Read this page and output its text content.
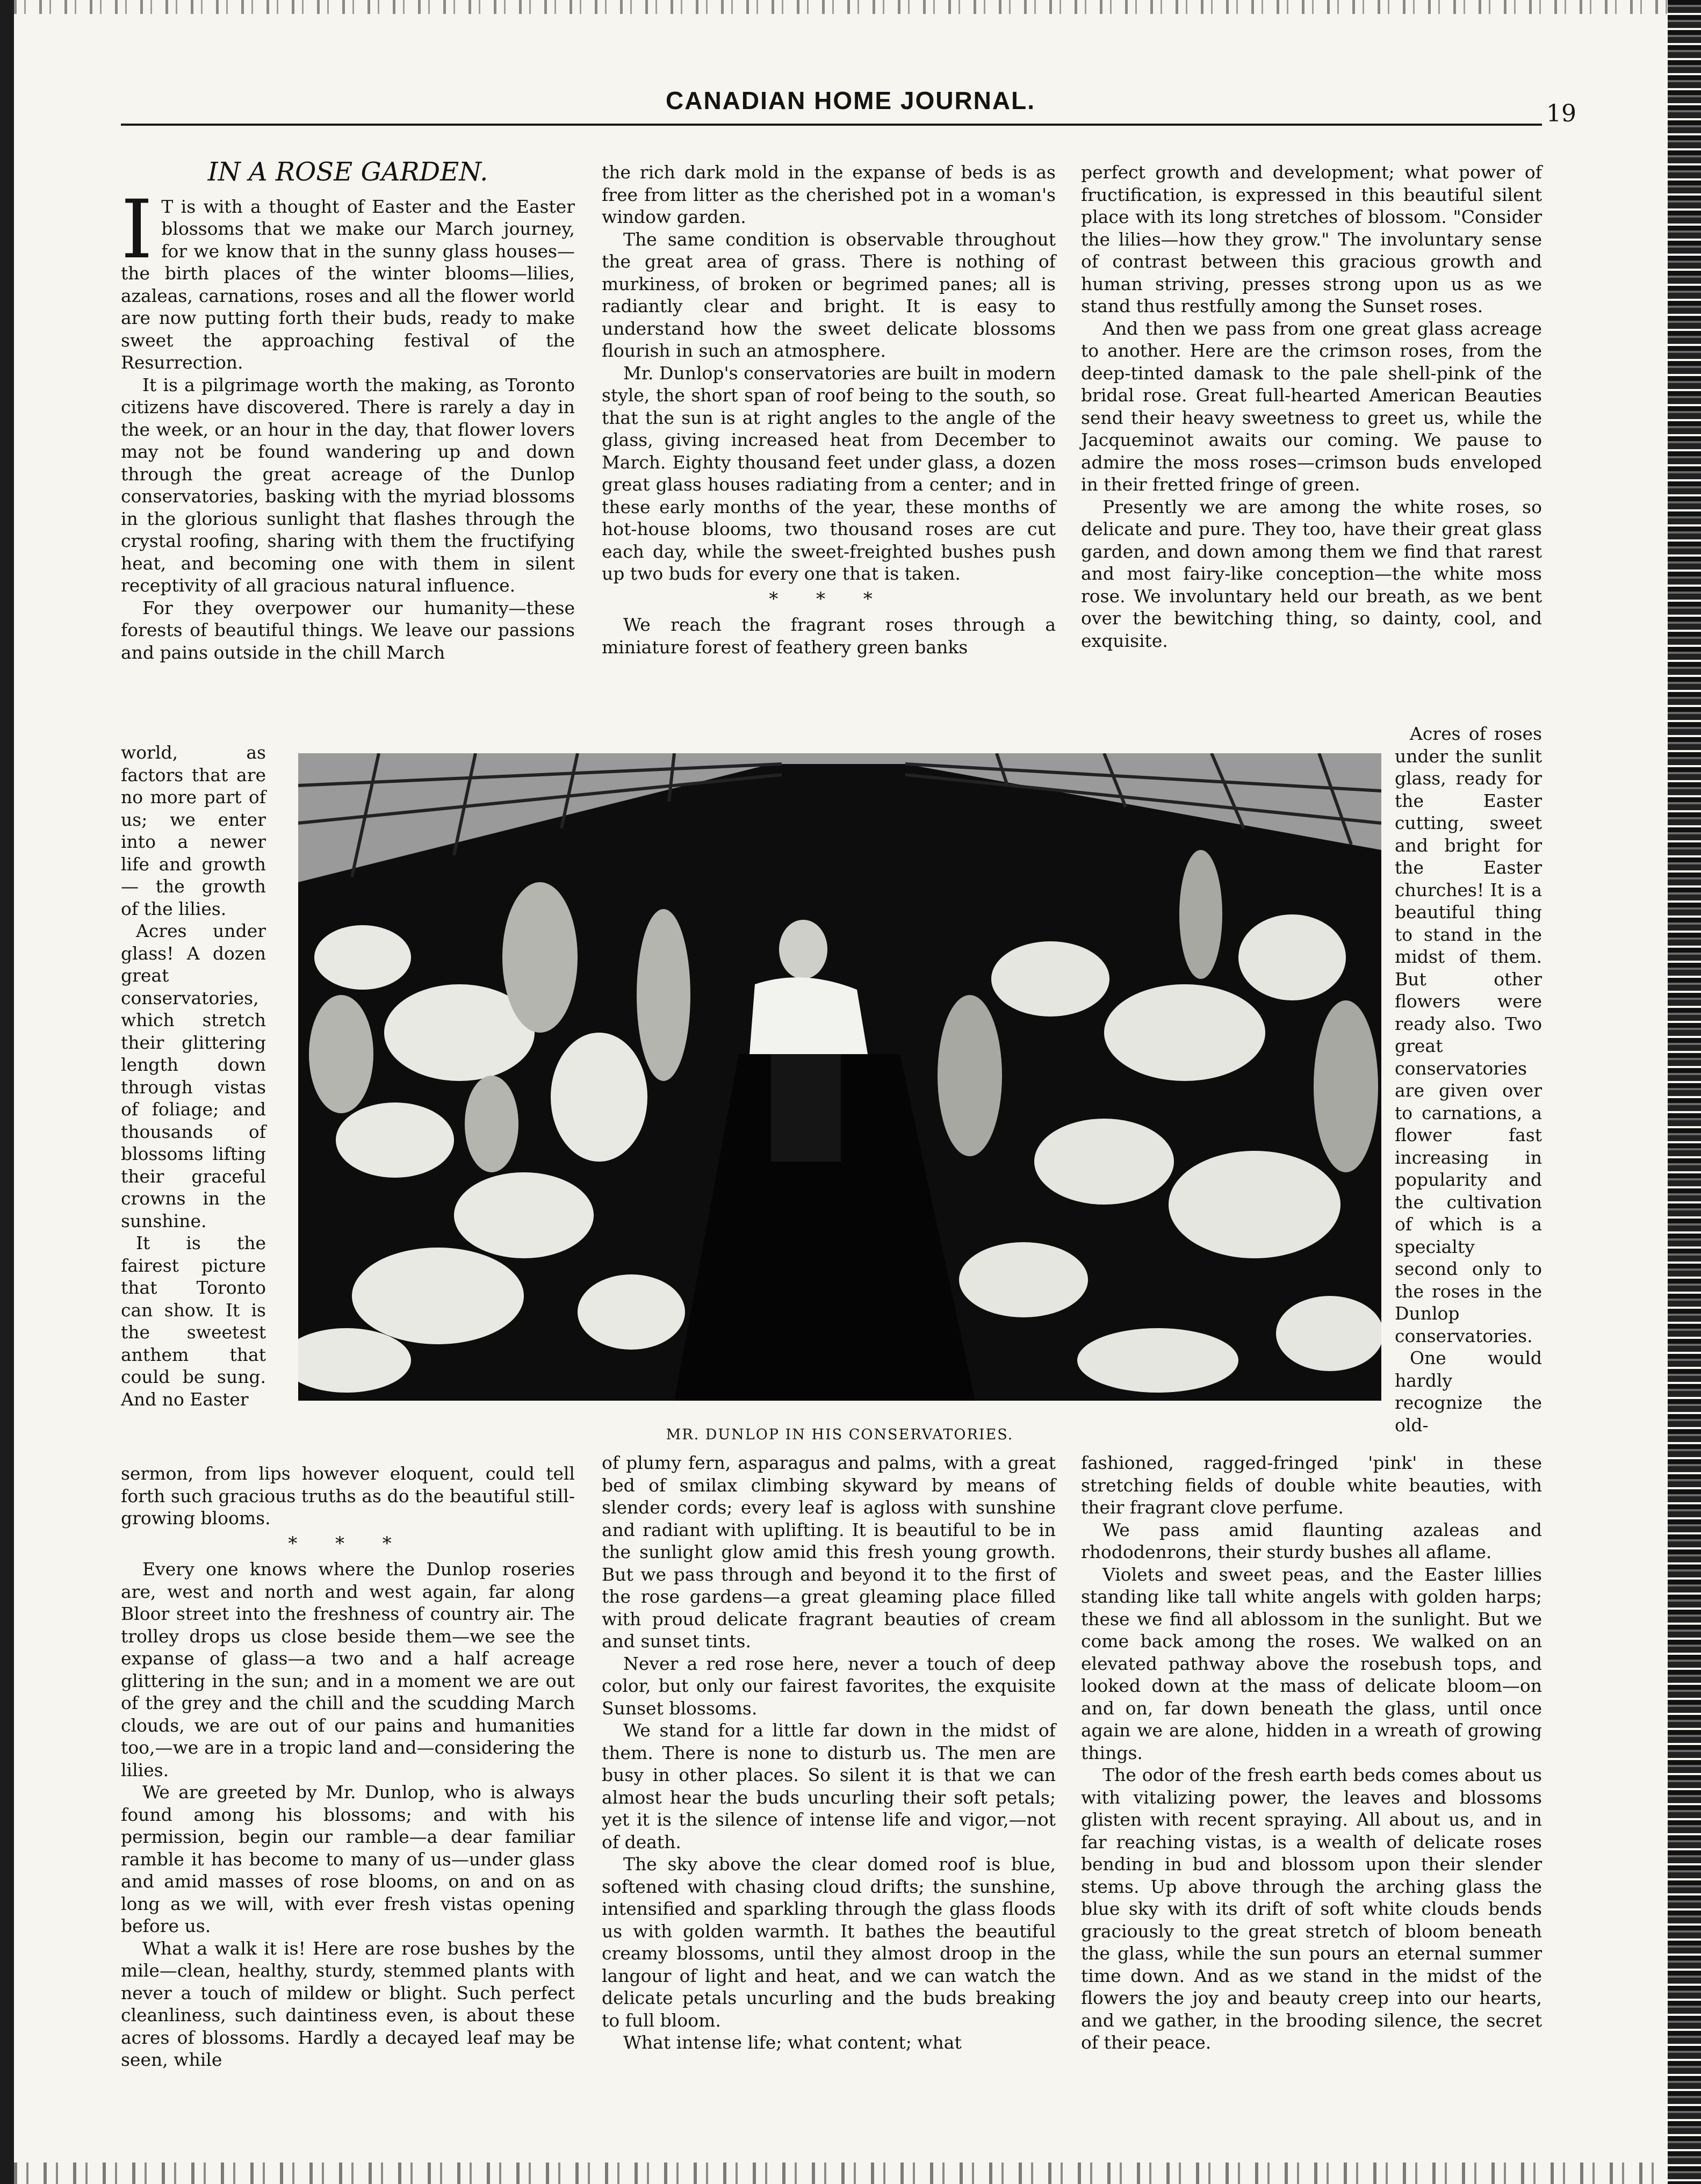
CANADIAN HOME JOURNAL.	19
IN A ROSE GARDEN.

I T is with a thought of Easter and the Easter blossoms that we make our March journey, for we know that in the sunny glass houses—the birth places of the winter blooms—lilies, azaleas, carnations, roses and all the flower world are now putting forth their buds, ready to make sweet the approaching festival of the Resurrection.

It is a pilgrimage worth the making, as Toronto citizens have discovered. There is rarely a day in the week, or an hour in the day, that flower lovers may not be found wandering up and down through the great acreage of the Dunlop conservatories, basking with the myriad blossoms in the glorious sunlight that flashes through the crystal roofing, sharing with them the fructifying heat, and becoming one with them in silent receptivity of all gracious natural influence.

For they overpower our humanity—these forests of beautiful things. We leave our passions and pains outside in the chill March

world, as factors that are no more part of us; we enter into a newer life and growth — the growth of the lilies.

Acres under glass! A dozen great conservatories, which stretch their glittering length down through vistas of foliage; and thousands of blossoms lifting their graceful crowns in the sunshine.

It is the fairest picture that Toronto can show. It is the sweetest anthem that could be sung. And no Easter

sermon, from lips however eloquent, could tell forth such gracious truths as do the beautiful still-growing blooms.

* * *

Every one knows where the Dunlop roseries are, west and north and west again, far along Bloor street into the freshness of country air. The trolley drops us close beside them—we see the expanse of glass—a two and a half acreage glittering in the sun; and in a moment we are out of the grey and the chill and the scudding March clouds, we are out of our pains and humanities too,—we are in a tropic land and—considering the lilies.

We are greeted by Mr. Dunlop, who is always found among his blossoms; and with his permission, begin our ramble—a dear familiar ramble it has become to many of us—under glass and amid masses of rose blooms, on and on as long as we will, with ever fresh vistas opening before us.

What a walk it is! Here are rose bushes by the mile—clean, healthy, sturdy, stemmed plants with never a touch of mildew or blight. Such perfect cleanliness, such daintiness even, is about these acres of blossoms. Hardly a decayed leaf may be seen, while

the rich dark mold in the expanse of beds is as free from litter as the cherished pot in a woman's window garden.

The same condition is observable throughout the great area of grass. There is nothing of murkiness, of broken or begrimed panes; all is radiantly clear and bright. It is easy to understand how the sweet delicate blossoms flourish in such an atmosphere.

Mr. Dunlop's conservatories are built in modern style, the short span of roof being to the south, so that the sun is at right angles to the angle of the glass, giving increased heat from December to March. Eighty thousand feet under glass, a dozen great glass houses radiating from a center; and in these early months of the year, these months of hot-house blooms, two thousand roses are cut each day, while the sweet-freighted bushes push up two buds for every one that is taken.

* * *

We reach the fragrant roses through a miniature forest of feathery green banks

of plumy fern, asparagus and palms, with a great bed of smilax climbing skyward by means of slender cords; every leaf is agloss with sunshine and radiant with uplifting. It is beautiful to be in the sunlight glow amid this fresh young growth. But we pass through and beyond it to the first of the rose gardens—a great gleaming place filled with proud delicate fragrant beauties of cream and sunset tints.

Never a red rose here, never a touch of deep color, but only our fairest favorites, the exquisite Sunset blossoms.

We stand for a little far down in the midst of them. There is none to disturb us. The men are busy in other places. So silent it is that we can almost hear the buds uncurling their soft petals; yet it is the silence of intense life and vigor,—not of death.

The sky above the clear domed roof is blue, softened with chasing cloud drifts; the sunshine, intensified and sparkling through the glass floods us with golden warmth. It bathes the beautiful creamy blossoms, until they almost droop in the langour of light and heat, and we can watch the delicate petals uncurling and the buds breaking to full bloom.

What intense life; what content; what

perfect growth and development; what power of fructification, is expressed in this beautiful silent place with its long stretches of blossom. "Consider the lilies—how they grow." The involuntary sense of contrast between this gracious growth and human striving, presses strong upon us as we stand thus restfully among the Sunset roses.

And then we pass from one great glass acreage to another. Here are the crimson roses, from the deep-tinted damask to the pale shell-pink of the bridal rose. Great full-hearted American Beauties send their heavy sweetness to greet us, while the Jacqueminot awaits our coming. We pause to admire the moss roses—crimson buds enveloped in their fretted fringe of green.

Presently we are among the white roses, so delicate and pure. They too, have their great glass garden, and down among them we find that rarest and most fairy-like conception—the white moss rose. We involuntary held our breath, as we bent over the bewitching thing, so dainty, cool, and exquisite.

Acres of roses under the sunlit glass, ready for the Easter cutting, sweet and bright for the Easter churches! It is a beautiful thing to stand in the midst of them. But other flowers were ready also. Two great conservatories are given over to carnations, a flower fast increasing in popularity and the cultivation of which is a specialty second only to the roses in the Dunlop conservatories.

One would hardly recognize the old-

fashioned, ragged-fringed 'pink' in these stretching fields of double white beauties, with their fragrant clove perfume.

We pass amid flaunting azaleas and rhododenrons, their sturdy bushes all aflame.

Violets and sweet peas, and the Easter lillies standing like tall white angels with golden harps; these we find all ablossom in the sunlight. But we come back among the roses. We walked on an elevated pathway above the rosebush tops, and looked down at the mass of delicate bloom—on and on, far down beneath the glass, until once again we are alone, hidden in a wreath of growing things.

The odor of the fresh earth beds comes about us with vitalizing power, the leaves and blossoms glisten with recent spraying. All about us, and in far reaching vistas, is a wealth of delicate roses bending in bud and blossom upon their slender stems. Up above through the arching glass the blue sky with its drift of soft white clouds bends graciously to the great stretch of bloom beneath the glass, while the sun pours an eternal summer time down. And as we stand in the midst of the flowers the joy and beauty creep into our hearts, and we gather, in the brooding silence, the secret of their peace.

MR. DUNLOP IN HIS CONSERVATORIES.
